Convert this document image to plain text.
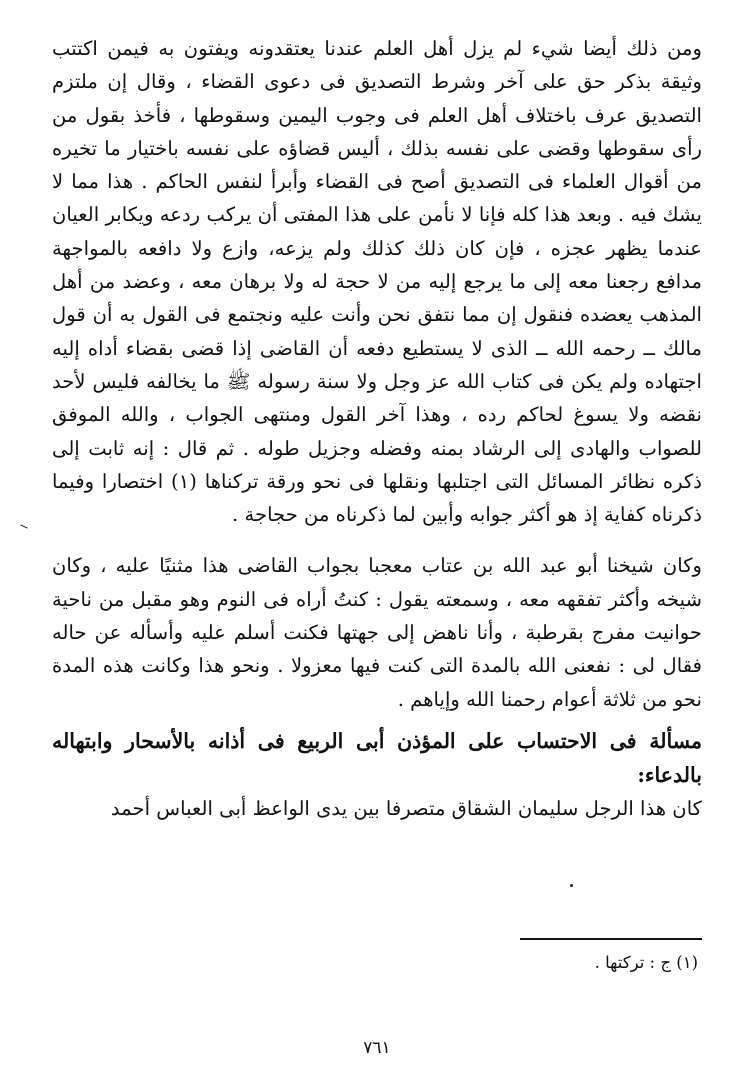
ومن ذلك أيضا شيء لم يزل أهل العلم عندنا يعتقدونه ويفتون به فيمن اكتتب وثيقة بذكر حق على آخر وشرط التصديق فى دعوى القضاء ، وقال إن ملتزم التصديق عرف باختلاف أهل العلم فى وجوب اليمين وسقوطها ، فأخذ بقول من رأى سقوطها وقضى على نفسه بذلك ، أليس قضاؤه على نفسه باختيار ما تخيره من أقوال العلماء فى التصديق أصح فى القضاء وأبرأ لنفس الحاكم . هذا مما لا يشك فيه . وبعد هذا كله فإنا لا نأمن على هذا المفتى أن يركب ردعه ويكابر العيان عندما يظهر عجزه ، فإن كان ذلك كذلك ولم يزعه، وازع ولا دافعه بالمواجهة مدافع رجعنا معه إلى ما يرجع إليه من لا حجة له ولا برهان معه ، وعضد من أهل المذهب يعضده فنقول إن مما نتفق نحن وأنت عليه ونجتمع فى القول به أن قول مالك ــ رحمه الله ــ الذى لا يستطيع دفعه أن القاضى إذا قضى بقضاء أداه إليه اجتهاده ولم يكن فى كتاب الله عز وجل ولا سنة رسوله ﷺ ما يخالفه فليس لأحد نقضه ولا يسوغ لحاكم رده ، وهذا آخر القول ومنتهى الجواب ، والله الموفق للصواب والهادى إلى الرشاد بمنه وفضله وجزيل طوله . ثم قال : إنه ثابت إلى ذكره نظائر المسائل التى اجتلبها ونقلها فى نحو ورقة تركناها (١) اختصارا وفيما ذكرناه كفاية إذ هو أكثر جوابه وأبين لما ذكرناه من حجاجة .

وكان شيخنا أبو عبد الله بن عتاب معجبا بجواب القاضى هذا مثنيًا عليه ، وكان شيخه وأكثر تفقهه معه ، وسمعته يقول : كنتُ أراه فى النوم وهو مقبل من ناحية حوانيت مفرج بقرطبة ، وأنا ناهض إلى جهتها فكنت أسلم عليه وأسأله عن حاله فقال لى : نفعنى الله بالمدة التى كنت فيها معزولا . ونحو هذا وكانت هذه المدة نحو من ثلاثة أعوام رحمنا الله وإياهم .

مسألة فى الاحتساب على المؤذن أبى الربيع فى أذانه بالأسحار وابتهاله بالدعاء:

كان هذا الرجل سليمان الشقاق متصرفا بين يدى الواعظ أبى العباس أحمد

(١) ج : تركتها .

٧٦١
